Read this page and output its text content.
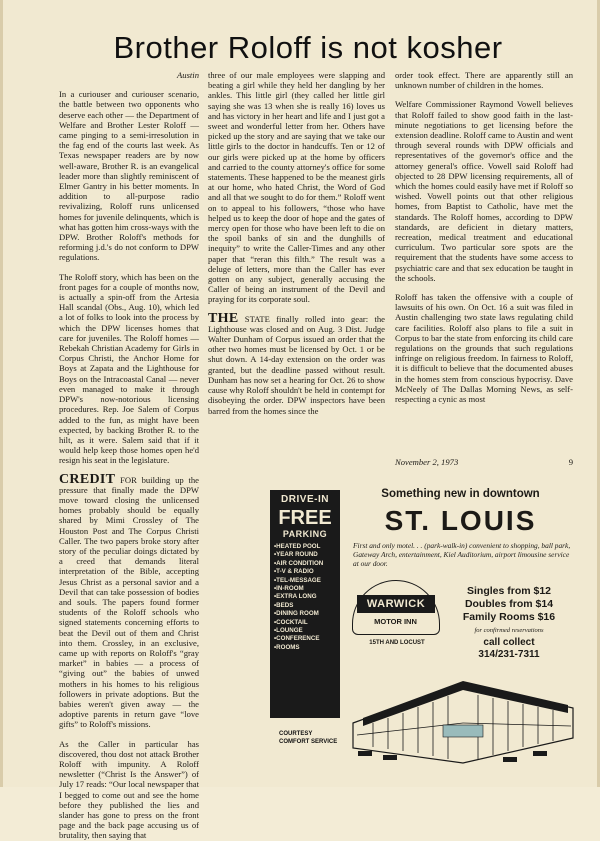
Brother Roloff is not kosher

Austin

In a curiouser and curiouser scenario, the battle between two opponents who deserve each other — the Department of Welfare and Brother Lester Roloff — came pinging to a semi-irresolution in the fag end of the courts last week. As Texas newspaper readers are by now well-aware, Brother R. is an evangelical leader more than slightly reminiscent of Elmer Gantry in his better moments. In addition to all-purpose radio revivalizing, Roloff runs unlicensed homes for juvenile delinquents, which is what has gotten him cross-ways with the DPW. Brother Roloff's methods for reforming j.d.'s do not conform to DPW regulations.

The Roloff story, which has been on the front pages for a couple of months now, is actually a spin-off from the Artesia Hall scandal (Obs., Aug. 10), which led a lot of folks to look into the process by which the DPW licenses homes that care for juveniles. The Roloff homes — Rebekah Christian Academy for Girls in Corpus Christi, the Anchor Home for Boys at Zapata and the Lighthouse for Boys on the Intracoastal Canal — never even managed to make it through DPW's now-notorious licensing procedures. Rep. Joe Salem of Corpus added to the fun, as might have been expected, by backing Brother R. to the hilt, as it were. Salem said that if it would help keep those homes open he'd resign his seat in the legislature.

CREDIT FOR building up the pressure that finally made the DPW move toward closing the unlicensed homes probably should be equally shared by Mimi Crossley of The Houston Post and The Corpus Christi Caller. The two papers broke story after story of the peculiar doings dictated by a creed that demands literal interpretation of the Bible, accepting Jesus Christ as a personal savior and a Devil that can take possession of bodies and souls. The papers found former students of the Roloff schools who signed statements concerning efforts to beat the Devil out of them and Christ into them. Crossley, in an exclusive, came up with reports on Roloff's “gray market” in babies — a process of “giving out” the babies of unwed mothers in his homes to his religious followers in private adoptions. But the babies weren't given away — the adoptive parents in return gave “love gifts” to Roloff's missions.

As the Caller in particular has discovered, thou dost not attack Brother Roloff with impunity. A Roloff newsletter (“Christ Is the Answer”) of July 17 reads: “Our local newspaper that I begged to come out and see the home before they published the lies and slander has gone to press on the front page and the back page accusing us of brutality, then saying that

three of our male employees were slapping and beating a girl while they held her dangling by her ankles. This little girl (they called her little girl saying she was 13 when she is really 16) loves us and has victory in her heart and life and I just got a sweet and wonderful letter from her. Others have picked up the story and are saying that we take our little girls to the doctor in handcuffs. Ten or 12 of our girls were picked up at the home by officers and carried to the county attorney's office for some statements. These happened to be the meanest girls at our home, who hated Christ, the Word of God and all that we sought to do for them.” Roloff went on to appeal to his followers, “those who have helped us to keep the door of hope and the gates of mercy open for those who have been left to die on the spoil banks of sin and the dunghills of inequity” to write the Caller-Times and any other paper that “reran this filth.” The result was a deluge of letters, more than the Caller has ever gotten on any subject, generally accusing the Caller of being an instrument of the Devil and praying for its corporate soul.

THE STATE finally rolled into gear: the Lighthouse was closed and on Aug. 3 Dist. Judge Walter Dunham of Corpus issued an order that the other two homes must be licensed by Oct. 1 or be shut down. A 14-day extension on the order was granted, but the deadline passed without result. Dunham has now set a hearing for Oct. 26 to show cause why Roloff shouldn't be held in contempt for disobeying the order. DPW inspectors have been barred from the homes since the

order took effect. There are apparently still an unknown number of children in the homes.

Welfare Commissioner Raymond Vowell believes that Roloff failed to show good faith in the last-minute negotiations to get licensing before the extension deadline. Roloff came to Austin and went through several rounds with DPW officials and representatives of the governor's office and the attorney general's office. Vowell said Roloff had objected to 28 DPW licensing requirements, all of which the homes could easily have met if Roloff so wished. Vowell points out that other religious homes, from Baptist to Catholic, have met the standards. The Roloff homes, according to DPW standards, are deficient in dietary matters, recreation, medical treatment and educational curriculum. Two particular sore spots are the requirement that the students have some access to psychiatric care and that sex education be taught in the schools.

Roloff has taken the offensive with a couple of lawsuits of his own. On Oct. 16 a suit was filed in Austin challenging two state laws regulating child care facilities. Roloff also plans to file a suit in Corpus to bar the state from enforcing its child care regulations on the grounds that such regulations infringe on religious freedom. In fairness to Roloff, it is difficult to believe that the documented abuses in the homes stem from conscious hypocrisy. Dave McNeely of The Dallas Morning News, as self-respecting a cynic as most

November 2, 1973	9
DRIVE-IN
FREE
PARKING
• HEATED POOL
• YEAR ROUND
• AIR CONDITION
• T-V & RADIO
• TEL-MESSAGE
• IN-ROOM
• EXTRA LONG
• BEDS
• DINING ROOM
• COCKTAIL
• LOUNGE
• CONFERENCE
• ROOMS
COURTESY COMFORT SERVICE
Something new in downtown
ST. LOUIS
First and only motel. . . (park-walk-in) convenient to shopping, ball park, Gateway Arch, entertainment, Kiel Auditorium, airport limousine service at our door.
WARWICK
MOTOR INN
15TH AND LOCUST
Singles from $12
Doubles from $14
Family Rooms $16
for confirmed reservations
call collect
314/231-7311
